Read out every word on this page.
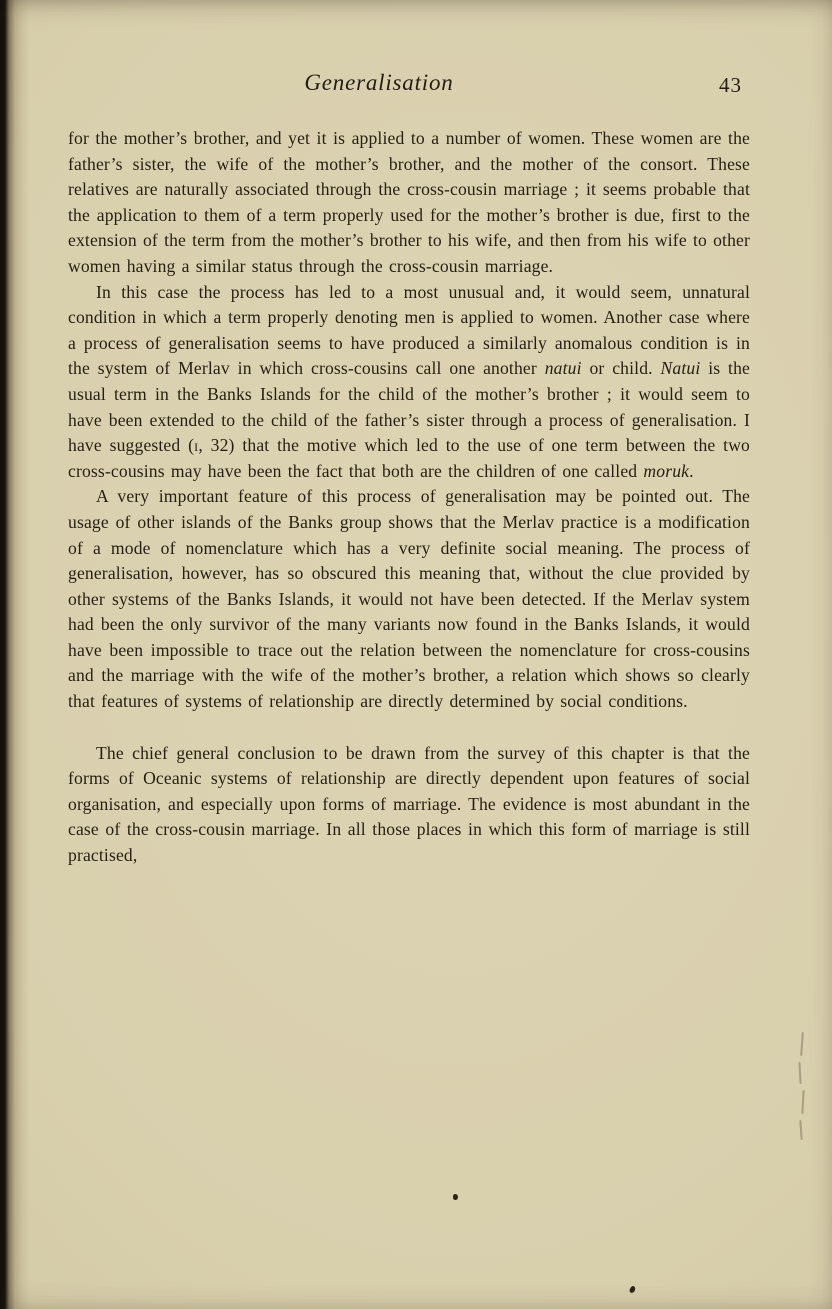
Generalisation	43

for the mother’s brother, and yet it is applied to a number of women. These women are the father’s sister, the wife of the mother’s brother, and the mother of the consort. These relatives are naturally associated through the cross-cousin marriage ; it seems probable that the application to them of a term properly used for the mother’s brother is due, first to the extension of the term from the mother’s brother to his wife, and then from his wife to other women having a similar status through the cross-cousin marriage.

In this case the process has led to a most unusual and, it would seem, unnatural condition in which a term properly denoting men is applied to women. Another case where a process of generalisation seems to have produced a similarly anomalous condition is in the system of Merlav in which cross-cousins call one another natui or child. Natui is the usual term in the Banks Islands for the child of the mother’s brother ; it would seem to have been extended to the child of the father’s sister through a process of generalisation. I have suggested (i, 32) that the motive which led to the use of one term between the two cross-cousins may have been the fact that both are the children of one called moruk.

A very important feature of this process of generalisation may be pointed out. The usage of other islands of the Banks group shows that the Merlav practice is a modification of a mode of nomenclature which has a very definite social meaning. The process of generalisation, however, has so obscured this meaning that, without the clue provided by other systems of the Banks Islands, it would not have been detected. If the Merlav system had been the only survivor of the many variants now found in the Banks Islands, it would have been impossible to trace out the relation between the nomenclature for cross-cousins and the marriage with the wife of the mother’s brother, a relation which shows so clearly that features of systems of relationship are directly determined by social conditions.

The chief general conclusion to be drawn from the survey of this chapter is that the forms of Oceanic systems of relationship are directly dependent upon features of social organisation, and especially upon forms of marriage. The evidence is most abundant in the case of the cross-cousin marriage. In all those places in which this form of marriage is still practised,
